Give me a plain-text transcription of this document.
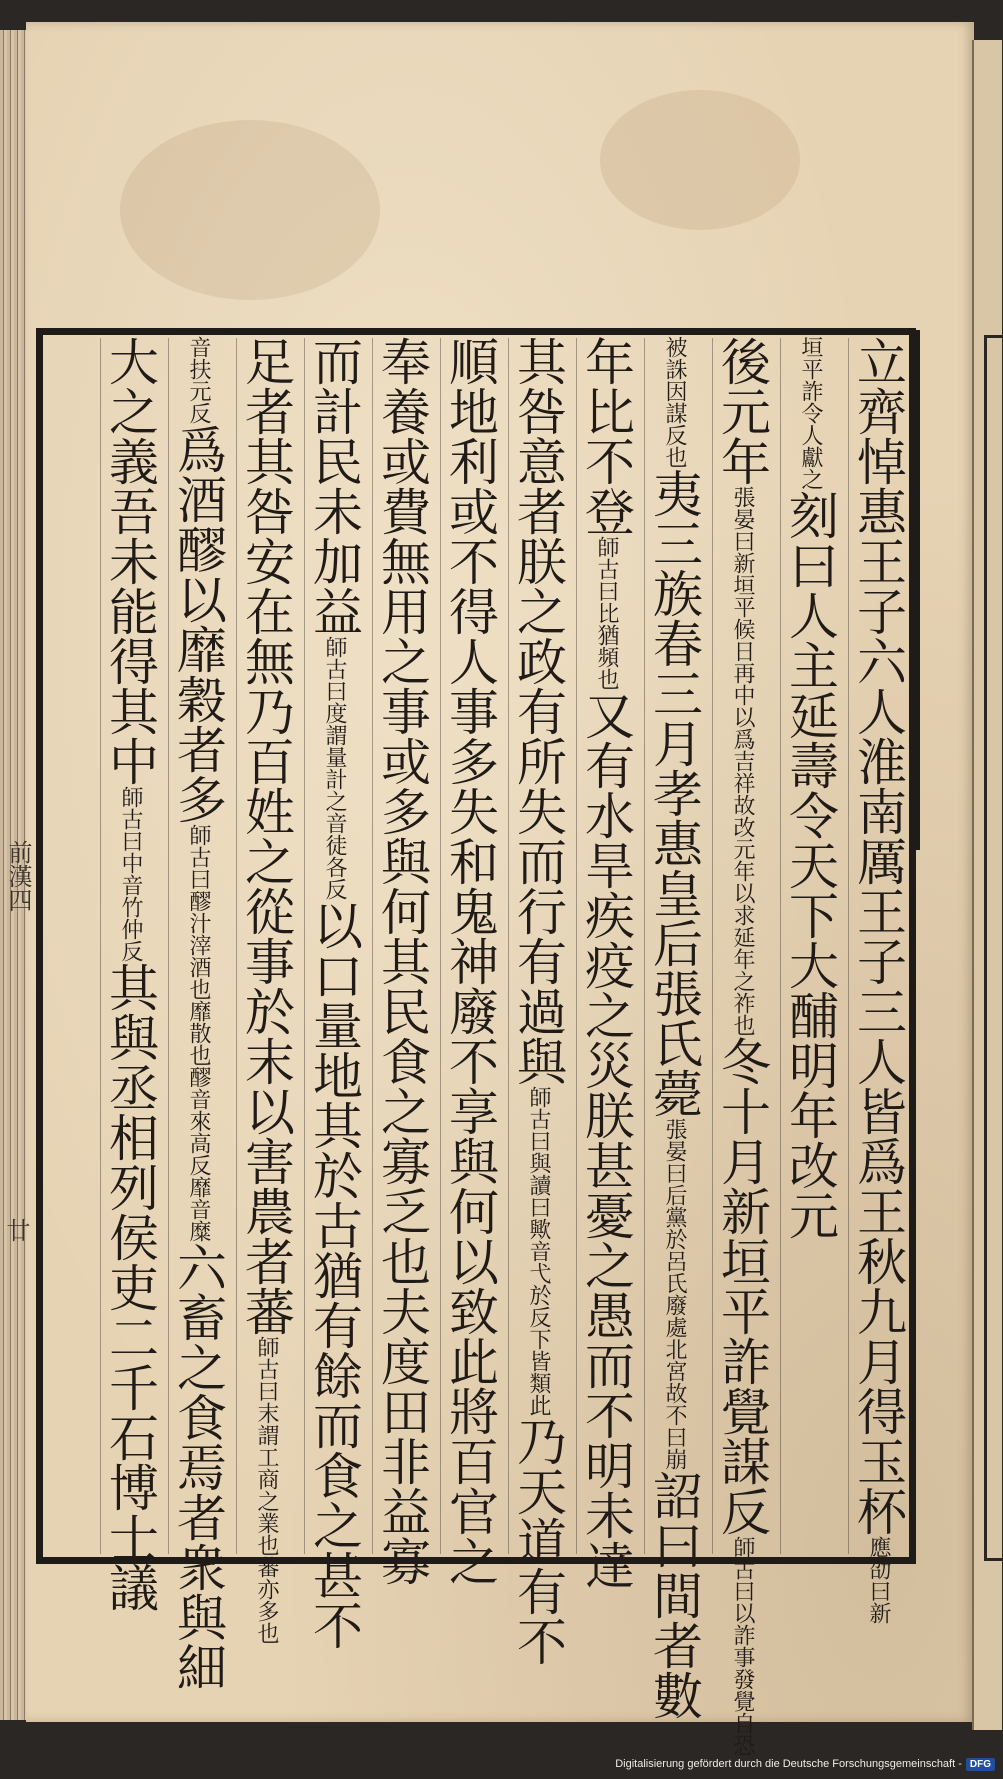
立齊悼惠王子六人淮南厲王子三人皆爲王秋九月得玉杯應劭曰新
垣平詐令人獻之刻曰人主延壽令天下大酺明年改元
後元年張晏曰新垣平候日再中以爲吉祥故改元年以求延年之祚也冬十月新垣平詐覺謀反師古曰以詐事發覺自恐
被誅因謀反也夷三族春三月孝惠皇后張氏薨張晏曰后黨於呂氏廢處北宮故不曰崩詔曰間者數
年比不登師古曰比猶頻也又有水旱疾疫之災朕甚憂之愚而不明未達
其咎意者朕之政有所失而行有過與師古曰與讀曰歟音弋於反下皆類此乃天道有不
順地利或不得人事多失和鬼神廢不享與何以致此將百官之
奉養或費無用之事或多與何其民食之寡乏也夫度田非益寡
而計民未加益師古曰度謂量計之音徒各反以口量地其於古猶有餘而食之甚不
足者其咎安在無乃百姓之從事於末以害農者蕃師古曰末謂工商之業也蕃亦多也
音扶元反爲酒醪以靡穀者多師古曰醪汁滓酒也靡散也醪音來高反靡音糜六畜之食焉者衆與細
大之義吾未能得其中師古曰中音竹仲反其與丞相列侯吏二千石博士議
前漢四
廿
Digitalisierung gefördert durch die Deutsche Forschungsgemeinschaft - DFG
